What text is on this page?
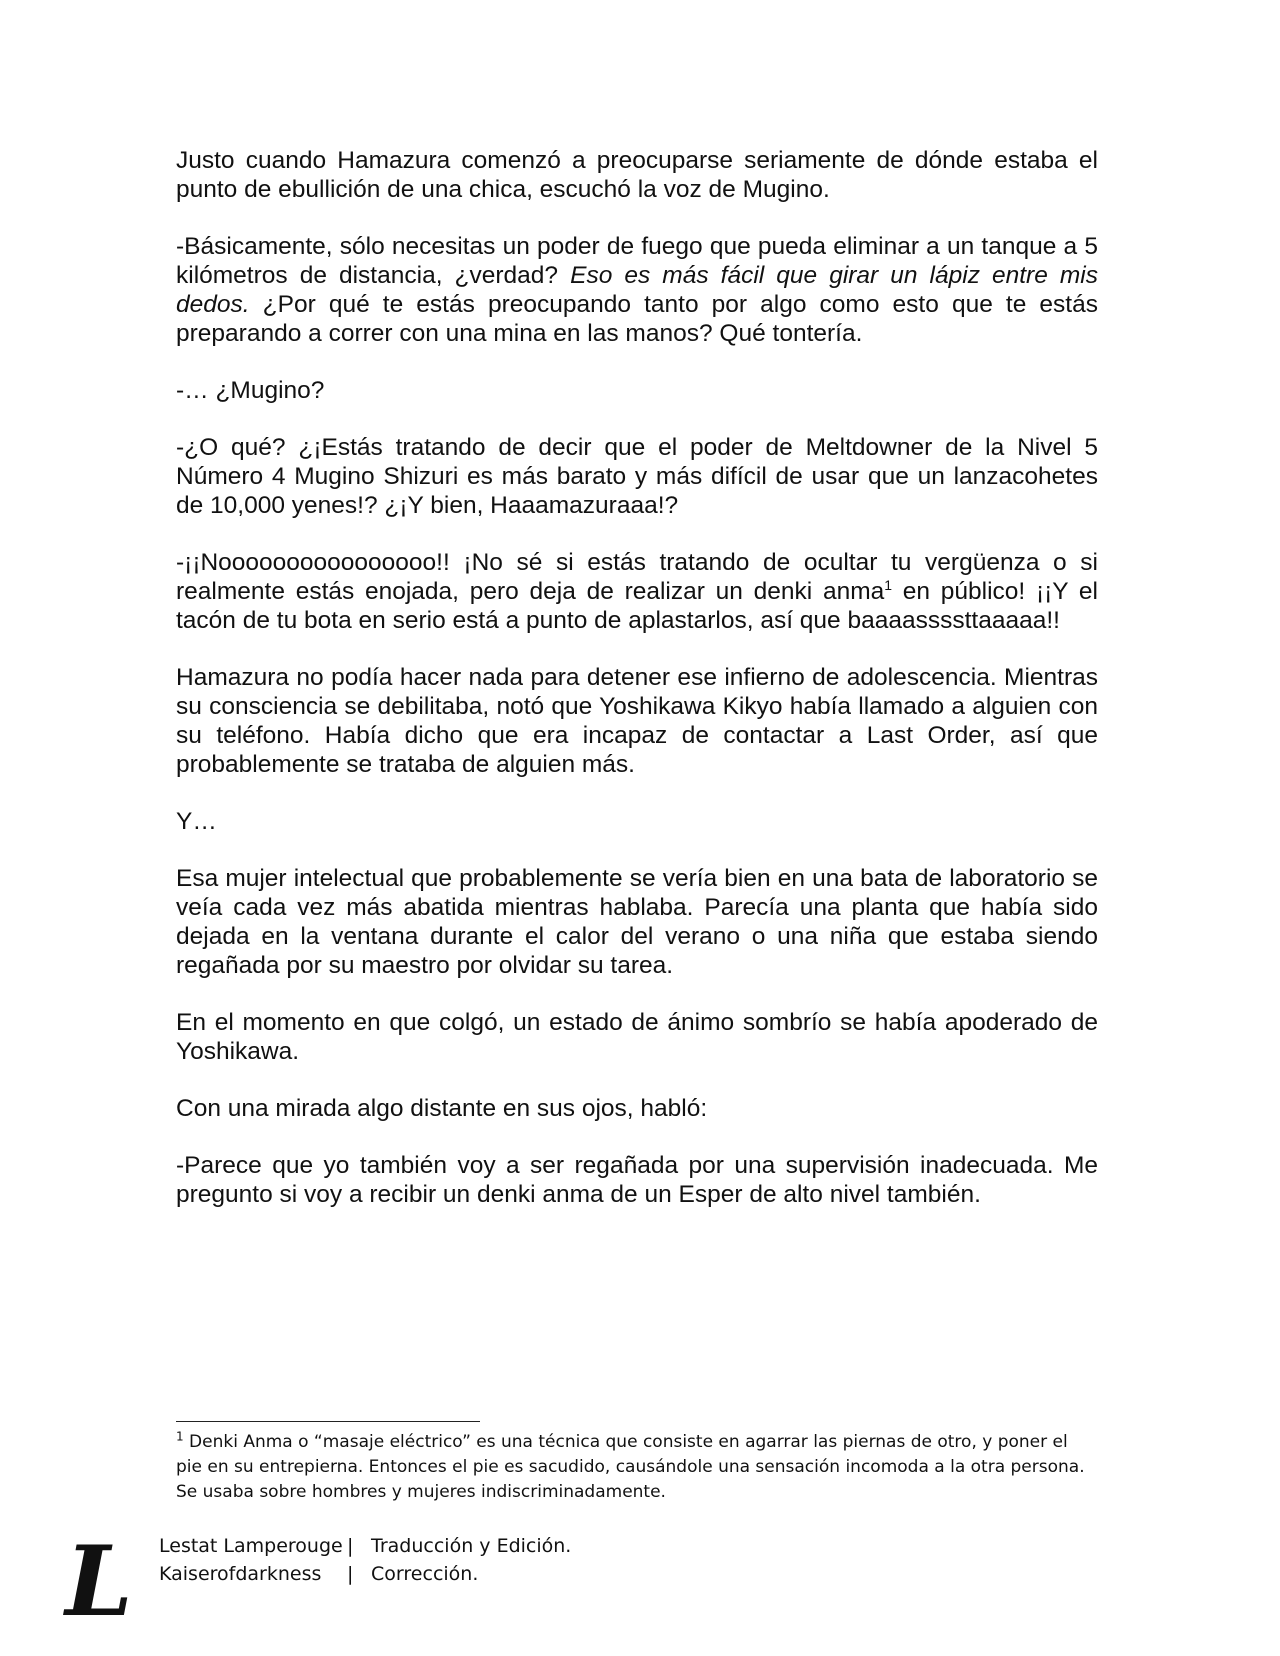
Justo cuando Hamazura comenzó a preocuparse seriamente de dónde estaba el punto de ebullición de una chica, escuchó la voz de Mugino.

-Básicamente, sólo necesitas un poder de fuego que pueda eliminar a un tanque a 5 kilómetros de distancia, ¿verdad? Eso es más fácil que girar un lápiz entre mis dedos. ¿Por qué te estás preocupando tanto por algo como esto que te estás preparando a correr con una mina en las manos? Qué tontería.

-… ¿Mugino?

-¿O qué? ¿¡Estás tratando de decir que el poder de Meltdowner de la Nivel 5 Número 4 Mugino Shizuri es más barato y más difícil de usar que un lanzacohetes de 10,000 yenes!? ¿¡Y bien, Haaamazuraaa!?

-¡¡Noooooooooooooooo!! ¡No sé si estás tratando de ocultar tu vergüenza o si realmente estás enojada, pero deja de realizar un denki anma$^1$ en público! ¡¡Y el tacón de tu bota en serio está a punto de aplastarlos, así que baaaassssttaaaaa!!

Hamazura no podía hacer nada para detener ese infierno de adolescencia. Mientras su consciencia se debilitaba, notó que Yoshikawa Kikyo había llamado a alguien con su teléfono. Había dicho que era incapaz de contactar a Last Order, así que probablemente se trataba de alguien más.

Y…

Esa mujer intelectual que probablemente se vería bien en una bata de laboratorio se veía cada vez más abatida mientras hablaba. Parecía una planta que había sido dejada en la ventana durante el calor del verano o una niña que estaba siendo regañada por su maestro por olvidar su tarea.

En el momento en que colgó, un estado de ánimo sombrío se había apoderado de Yoshikawa.

Con una mirada algo distante en sus ojos, habló:

-Parece que yo también voy a ser regañada por una supervisión inadecuada. Me pregunto si voy a recibir un denki anma de un Esper de alto nivel también.

$^1$ Denki Anma o “masaje eléctrico” es una técnica que consiste en agarrar las piernas de otro, y poner el pie en su entrepierna. Entonces el pie es sacudido, causándole una sensación incomoda a la otra persona. Se usaba sobre hombres y mujeres indiscriminadamente.
L Lestat Lamperouge | Traducción y Edición.
Kaiserofdarkness	| Corrección.
